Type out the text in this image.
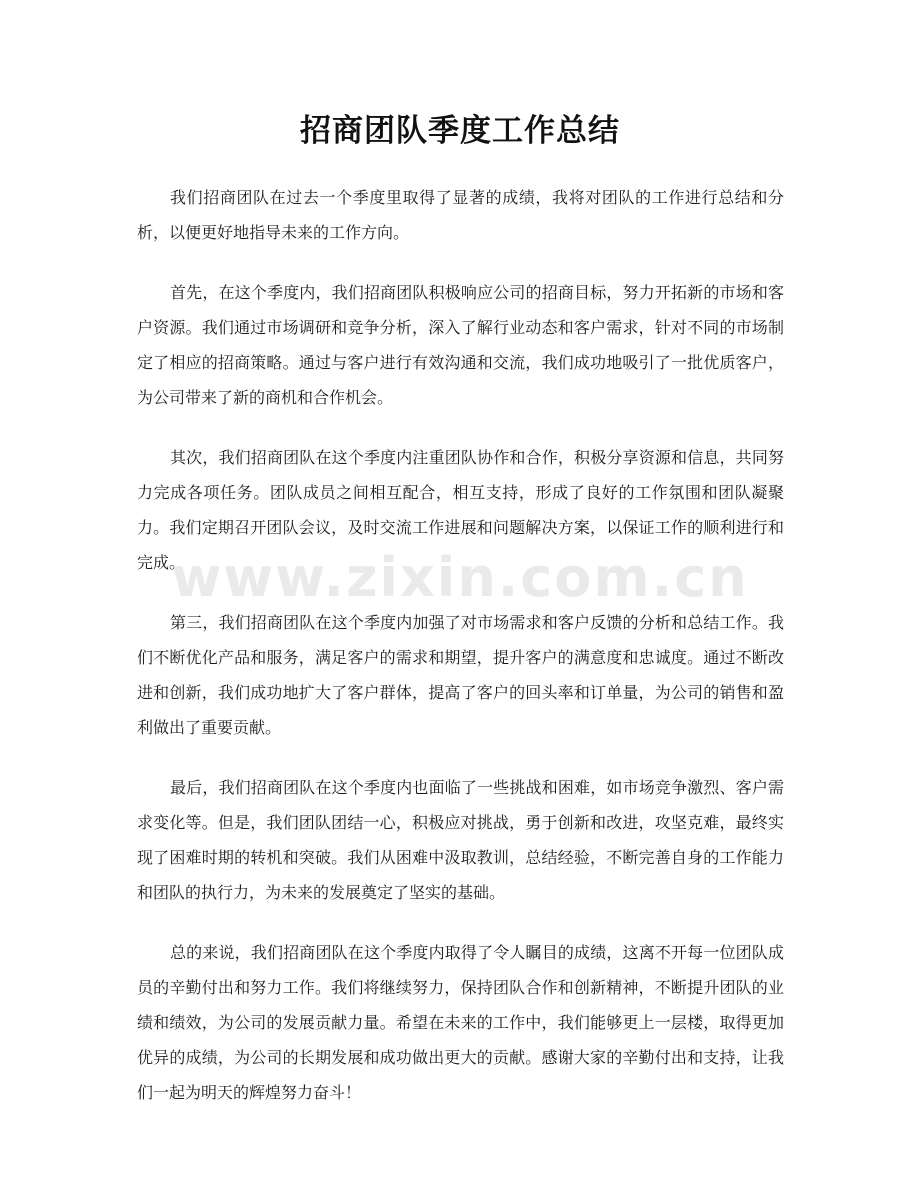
招商团队季度工作总结

我们招商团队在过去一个季度里取得了显著的成绩，我将对团队的工作进行总结和分析，以便更好地指导未来的工作方向。

首先，在这个季度内，我们招商团队积极响应公司的招商目标，努力开拓新的市场和客户资源。我们通过市场调研和竞争分析，深入了解行业动态和客户需求，针对不同的市场制定了相应的招商策略。通过与客户进行有效沟通和交流，我们成功地吸引了一批优质客户，为公司带来了新的商机和合作机会。

其次，我们招商团队在这个季度内注重团队协作和合作，积极分享资源和信息，共同努力完成各项任务。团队成员之间相互配合，相互支持，形成了良好的工作氛围和团队凝聚力。我们定期召开团队会议，及时交流工作进展和问题解决方案，以保证工作的顺利进行和完成。

第三，我们招商团队在这个季度内加强了对市场需求和客户反馈的分析和总结工作。我们不断优化产品和服务，满足客户的需求和期望，提升客户的满意度和忠诚度。通过不断改进和创新，我们成功地扩大了客户群体，提高了客户的回头率和订单量，为公司的销售和盈利做出了重要贡献。

最后，我们招商团队在这个季度内也面临了一些挑战和困难，如市场竞争激烈、客户需求变化等。但是，我们团队团结一心，积极应对挑战，勇于创新和改进，攻坚克难，最终实现了困难时期的转机和突破。我们从困难中汲取教训，总结经验，不断完善自身的工作能力和团队的执行力，为未来的发展奠定了坚实的基础。

总的来说，我们招商团队在这个季度内取得了令人瞩目的成绩，这离不开每一位团队成员的辛勤付出和努力工作。我们将继续努力，保持团队合作和创新精神，不断提升团队的业绩和绩效，为公司的发展贡献力量。希望在未来的工作中，我们能够更上一层楼，取得更加优异的成绩，为公司的长期发展和成功做出更大的贡献。感谢大家的辛勤付出和支持，让我们一起为明天的辉煌努力奋斗！

www.zixin.com.cn
